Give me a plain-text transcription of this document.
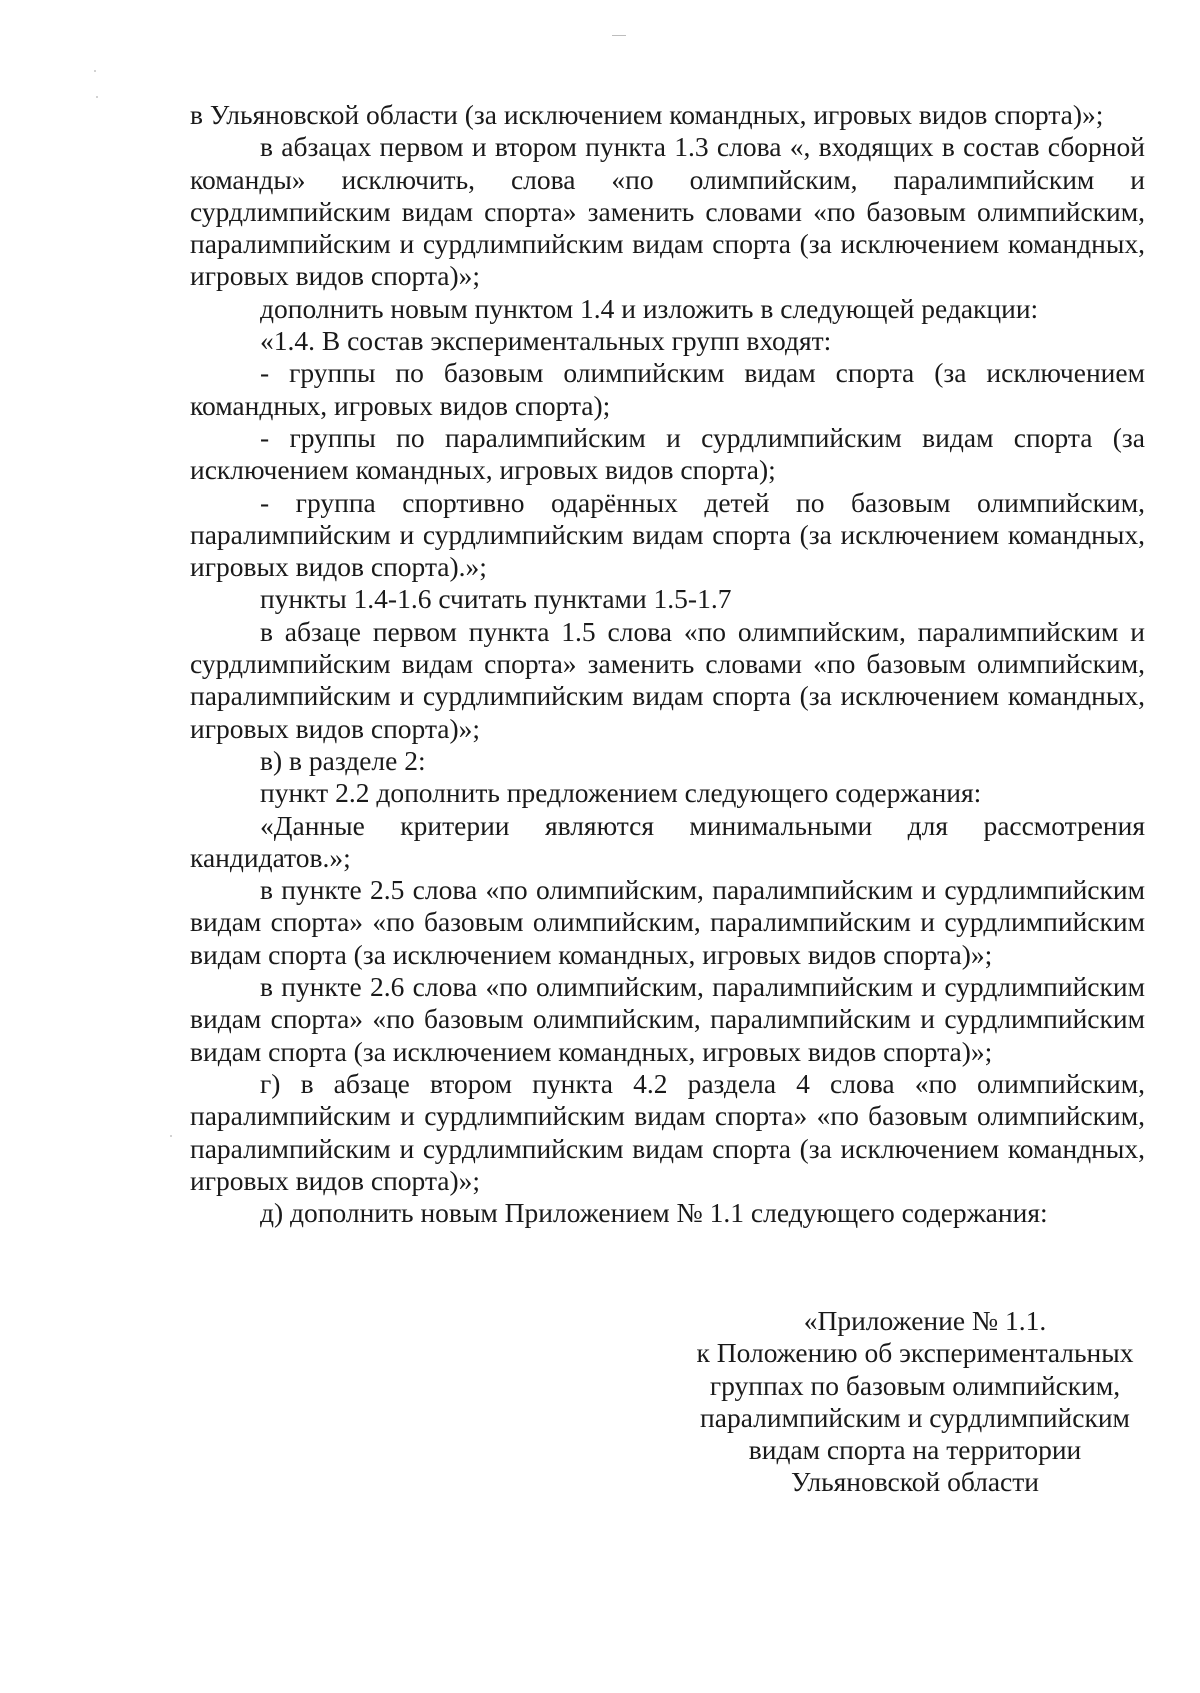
в Ульяновской области (за исключением командных, игровых видов спорта)»;

в абзацах первом и втором пункта 1.3 слова «, входящих в состав сборной команды» исключить, слова «по олимпийским, паралимпийским и сурдлимпийским видам спорта» заменить словами «по базовым олимпийским, паралимпийским и сурдлимпийским видам спорта (за исключением командных, игровых видов спорта)»;

дополнить новым пунктом 1.4 и изложить в следующей редакции:

«1.4. В состав экспериментальных групп входят:

- группы по базовым олимпийским видам спорта (за исключением командных, игровых видов спорта);

- группы по паралимпийским и сурдлимпийским видам спорта (за исключением командных, игровых видов спорта);

- группа спортивно одарённых детей по базовым олимпийским, паралимпийским и сурдлимпийским видам спорта (за исключением командных, игровых видов спорта).»;

пункты 1.4-1.6 считать пунктами 1.5-1.7

в абзаце первом пункта 1.5 слова «по олимпийским, паралимпийским и сурдлимпийским видам спорта» заменить словами «по базовым олимпийским, паралимпийским и сурдлимпийским видам спорта (за исключением командных, игровых видов спорта)»;

в) в разделе 2:

пункт 2.2 дополнить предложением следующего содержания:

«Данные критерии являются минимальными для рассмотрения кандидатов.»;

в пункте 2.5 слова «по олимпийским, паралимпийским и сурдлимпийским видам спорта» «по базовым олимпийским, паралимпийским и сурдлимпийским видам спорта (за исключением командных, игровых видов спорта)»;

в пункте 2.6 слова «по олимпийским, паралимпийским и сурдлимпийским видам спорта» «по базовым олимпийским, паралимпийским и сурдлимпийским видам спорта (за исключением командных, игровых видов спорта)»;

г) в абзаце втором пункта 4.2 раздела 4 слова «по олимпийским, паралимпийским и сурдлимпийским видам спорта» «по базовым олимпийским, паралимпийским и сурдлимпийским видам спорта (за исключением командных, игровых видов спорта)»;

д) дополнить новым Приложением № 1.1 следующего содержания:

«Приложение № 1.1.
к Положению об экспериментальных
группах по базовым олимпийским,
паралимпийским и сурдлимпийским
видам спорта на территории
Ульяновской области
